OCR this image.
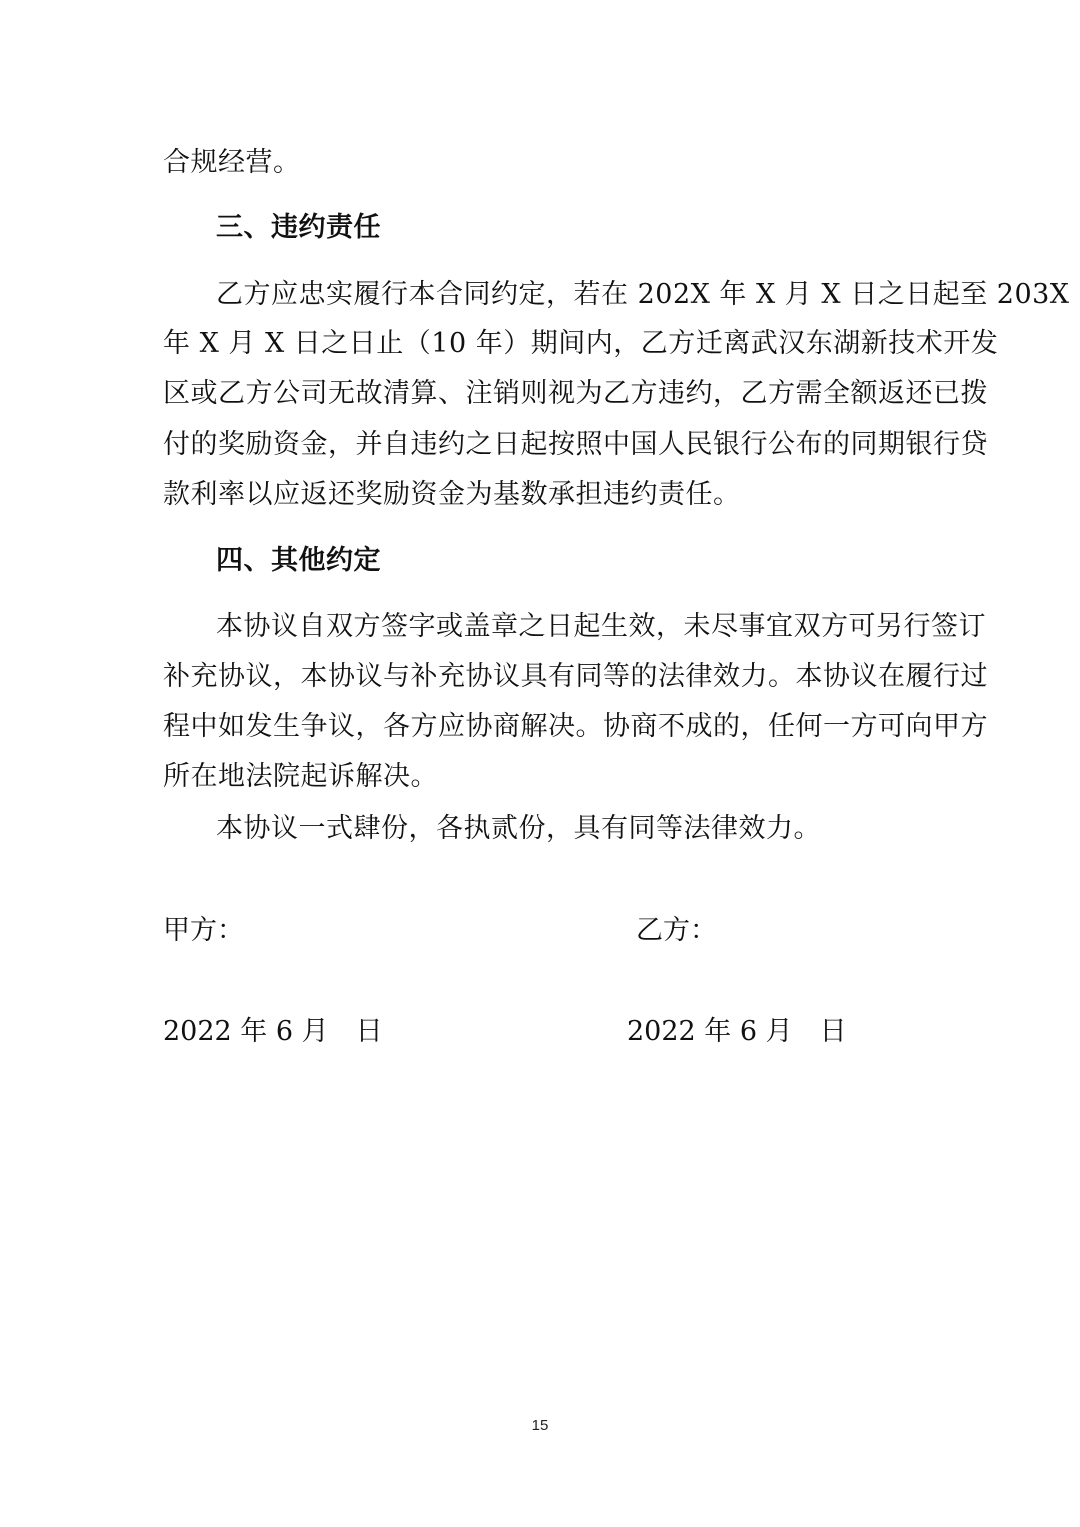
合规经营。
三、违约责任
乙方应忠实履行本合同约定，若在 202X 年 X 月 X 日之日起至 203X
年 X 月 X 日之日止（10 年）期间内，乙方迁离武汉东湖新技术开发
区或乙方公司无故清算、注销则视为乙方违约，乙方需全额返还已拨
付的奖励资金，并自违约之日起按照中国人民银行公布的同期银行贷
款利率以应返还奖励资金为基数承担违约责任。
四、其他约定
本协议自双方签字或盖章之日起生效，未尽事宜双方可另行签订
补充协议，本协议与补充协议具有同等的法律效力。本协议在履行过
程中如发生争议，各方应协商解决。协商不成的，任何一方可向甲方
所在地法院起诉解决。
本协议一式肆份，各执贰份，具有同等法律效力。
甲方：	乙方：
2022 年 6 月　日	2022 年 6 月　日
15
